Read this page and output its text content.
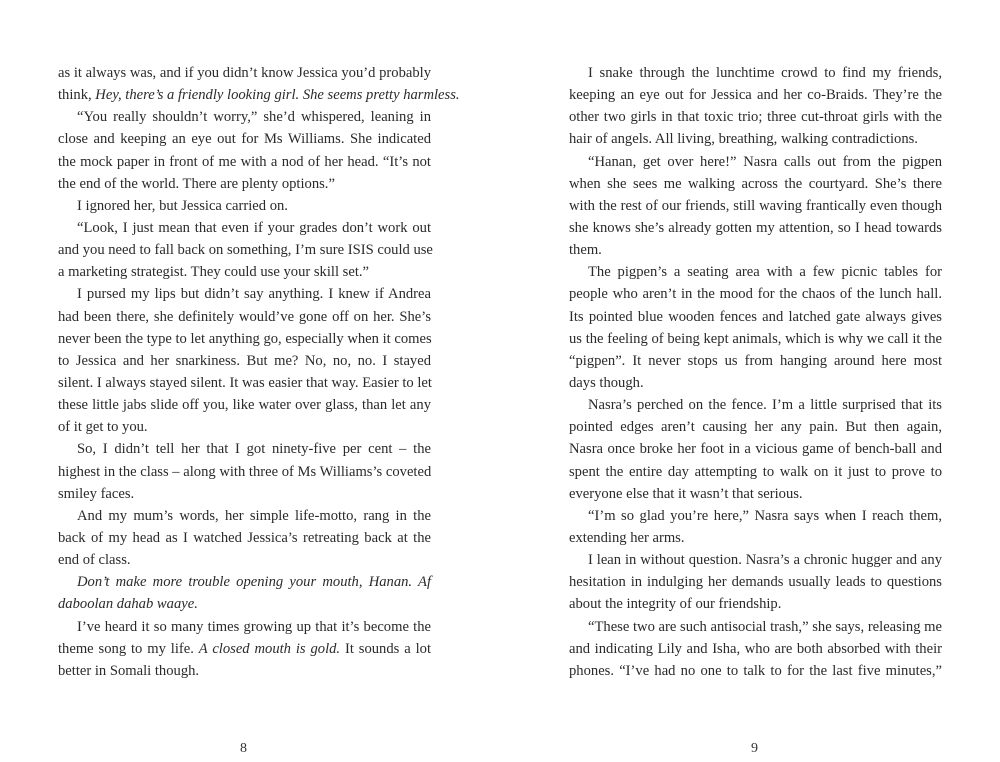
as it always was, and if you didn’t know Jessica you’d probably
think, Hey, there’s a friendly looking girl. She seems pretty harmless.
“You really shouldn’t worry,” she’d whispered, leaning in
close and keeping an eye out for Ms Williams. She indicated
the mock paper in front of me with a nod of her head. “It’s not
the end of the world. There are plenty options.”
I ignored her, but Jessica carried on.
“Look, I just mean that even if your grades don’t work out
and you need to fall back on something, I’m sure ISIS could use
a marketing strategist. They could use your skill set.”
I pursed my lips but didn’t say anything. I knew if Andrea
had been there, she definitely would’ve gone off on her. She’s
never been the type to let anything go, especially when it comes
to Jessica and her snarkiness. But me? No, no, no. I stayed
silent. I always stayed silent. It was easier that way. Easier to let
these little jabs slide off you, like water over glass, than let any
of it get to you.
So, I didn’t tell her that I got ninety-five per cent – the
highest in the class – along with three of Ms Williams’s coveted
smiley faces.
And my mum’s words, her simple life-motto, rang in the
back of my head as I watched Jessica’s retreating back at the
end of class.
Don’t make more trouble opening your mouth, Hanan. Af
daboolan dahab waaye.
I’ve heard it so many times growing up that it’s become the
theme song to my life. A closed mouth is gold. It sounds a lot
better in Somali though.
I snake through the lunchtime crowd to find my friends,
keeping an eye out for Jessica and her co-Braids. They’re the
other two girls in that toxic trio; three cut-throat girls with the
hair of angels. All living, breathing, walking contradictions.
“Hanan, get over here!” Nasra calls out from the pigpen
when she sees me walking across the courtyard. She’s there
with the rest of our friends, still waving frantically even though
she knows she’s already gotten my attention, so I head towards
them.
The pigpen’s a seating area with a few picnic tables for
people who aren’t in the mood for the chaos of the lunch hall.
Its pointed blue wooden fences and latched gate always gives
us the feeling of being kept animals, which is why we call it the
“pigpen”. It never stops us from hanging around here most
days though.
Nasra’s perched on the fence. I’m a little surprised that its
pointed edges aren’t causing her any pain. But then again,
Nasra once broke her foot in a vicious game of bench-ball and
spent the entire day attempting to walk on it just to prove to
everyone else that it wasn’t that serious.
“I’m so glad you’re here,” Nasra says when I reach them,
extending her arms.
I lean in without question. Nasra’s a chronic hugger and any
hesitation in indulging her demands usually leads to questions
about the integrity of our friendship.
“These two are such antisocial trash,” she says, releasing me
and indicating Lily and Isha, who are both absorbed with their
phones. “I’ve had no one to talk to for the last five minutes,”
8	9
